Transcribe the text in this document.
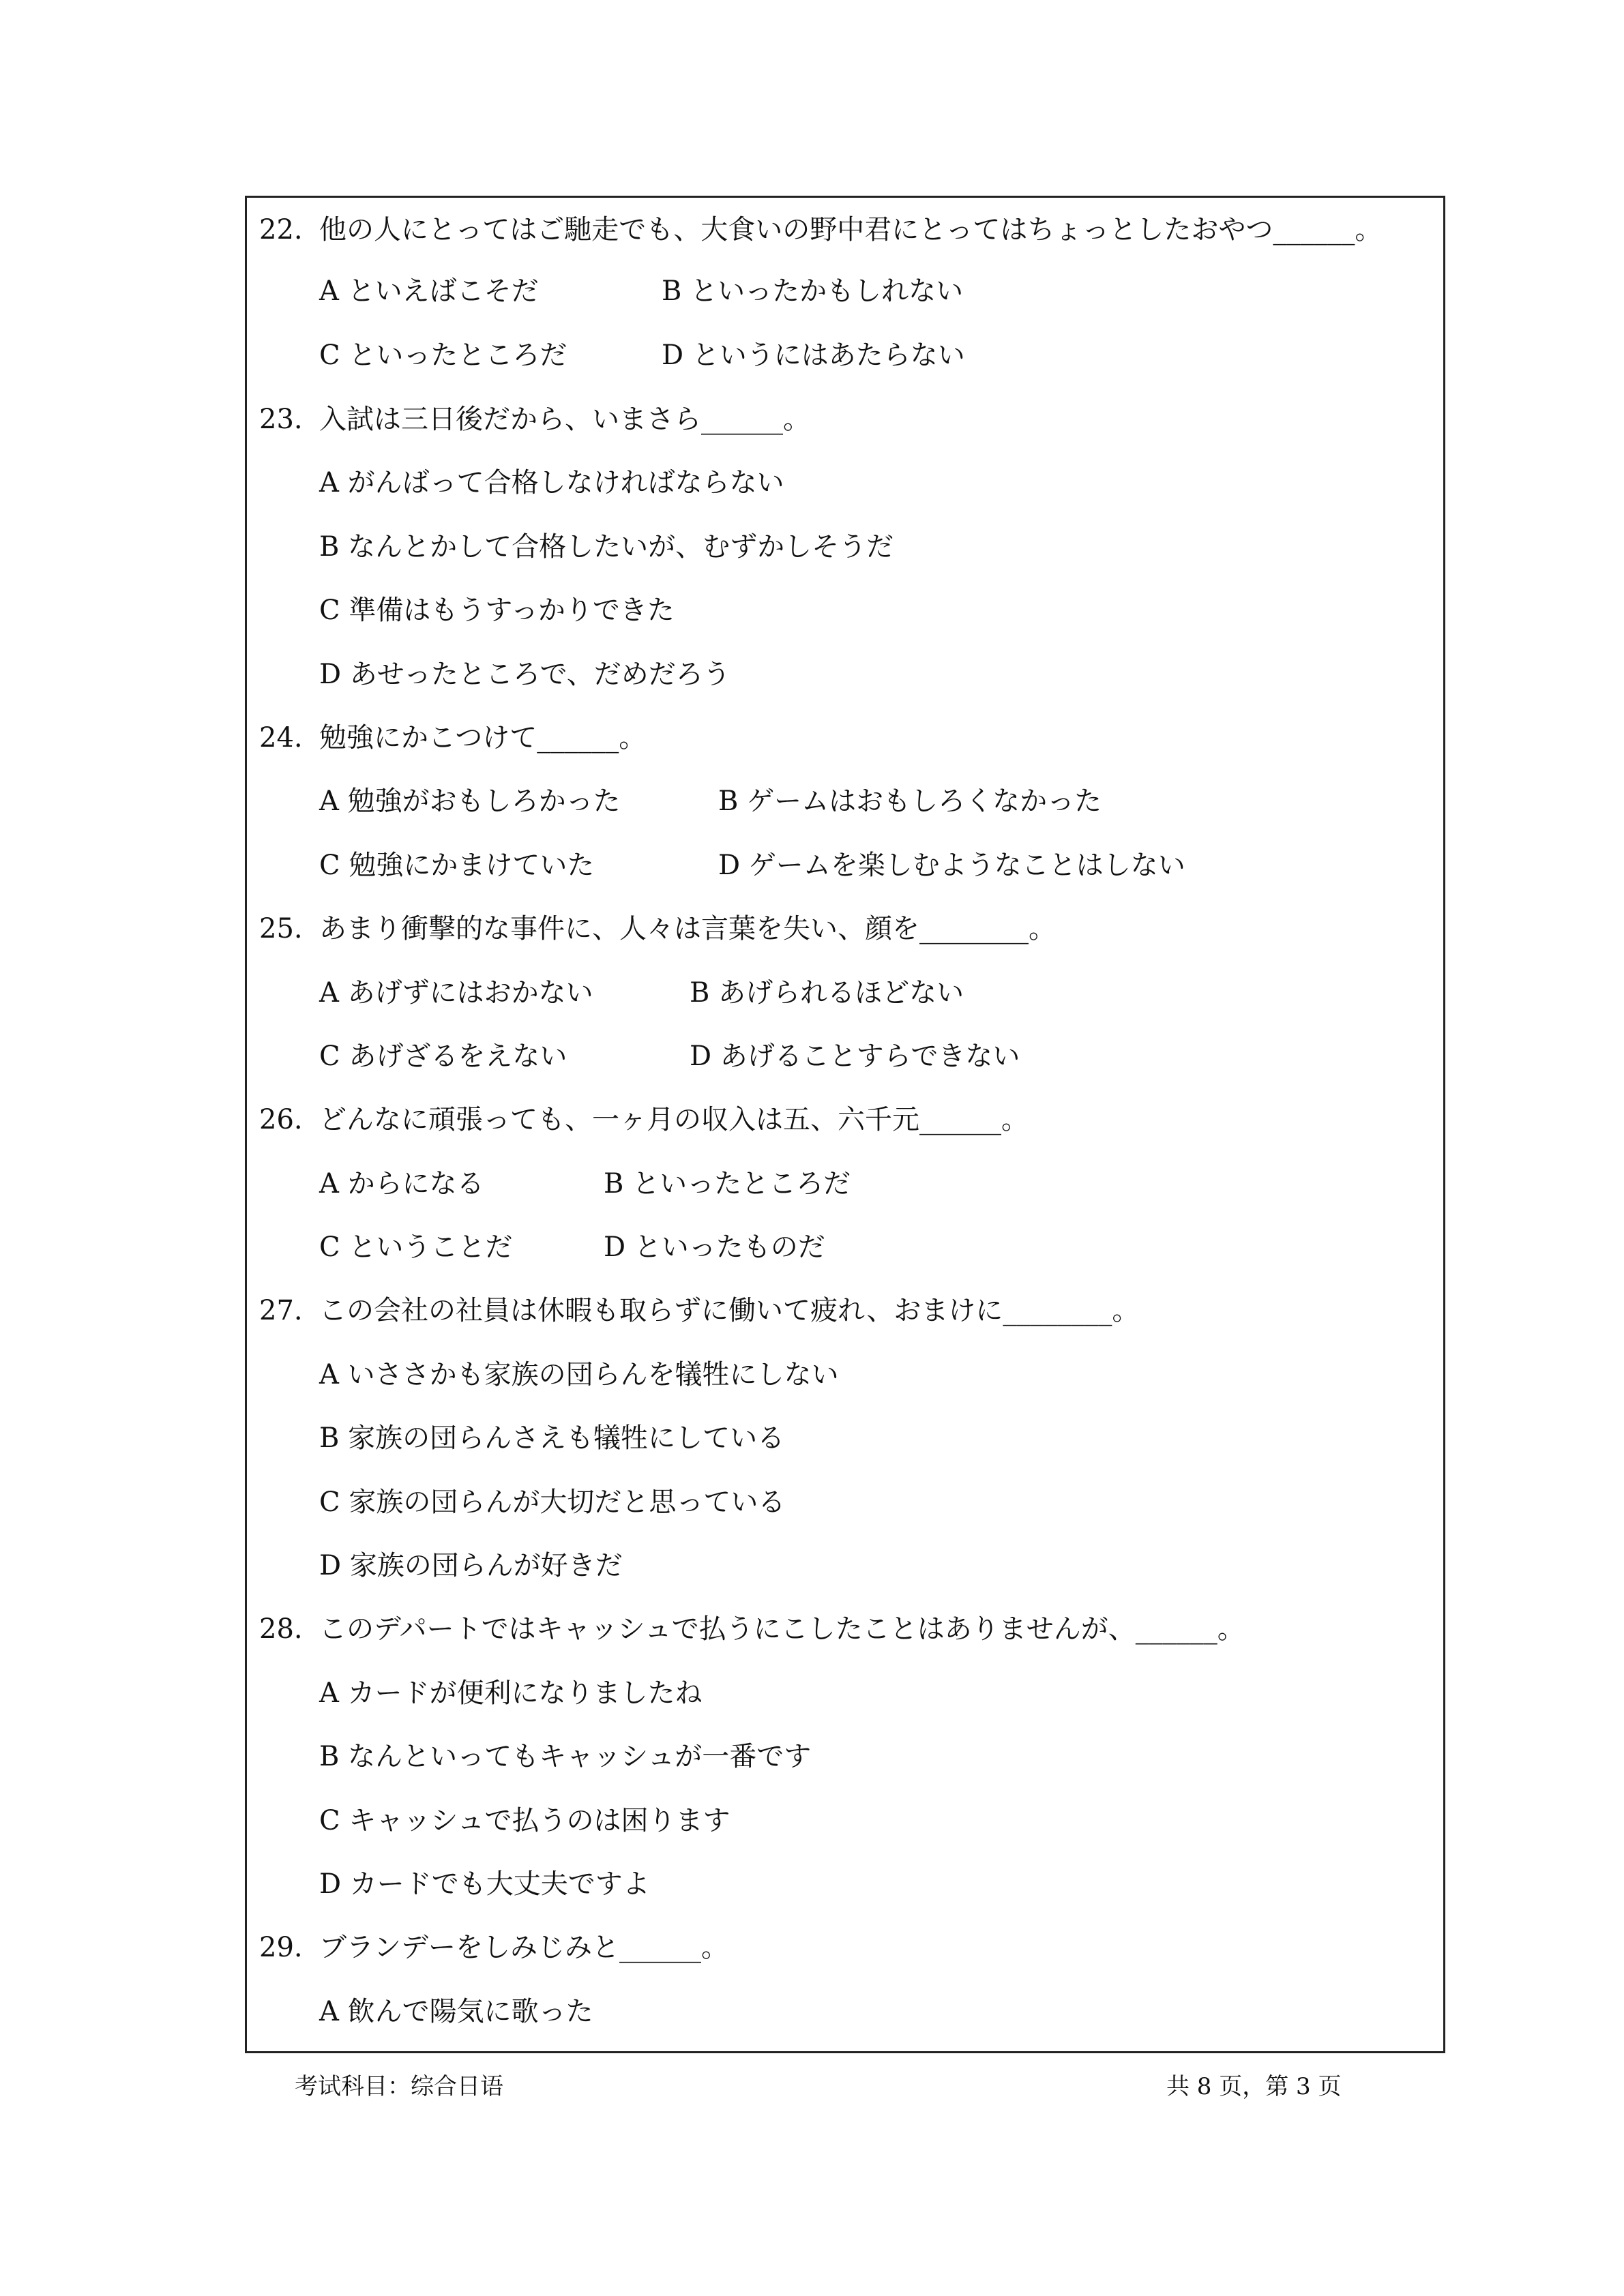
22. 他の人にとってはご馳走でも、大食いの野中君にとってはちょっとしたおやつ______。
A といえばこそだ	B といったかもしれない
C といったところだ	D というにはあたらない
23. 入試は三日後だから、いまさら______。
A がんばって合格しなければならない
B なんとかして合格したいが、むずかしそうだ
C 準備はもうすっかりできた
D あせったところで、だめだろう
24. 勉強にかこつけて______。
A 勉強がおもしろかった	B ゲームはおもしろくなかった
C 勉強にかまけていた	D ゲームを楽しむようなことはしない
25. あまり衝撃的な事件に、人々は言葉を失い、顔を________。
A あげずにはおかない	B あげられるほどない
C あげざるをえない	D あげることすらできない
26. どんなに頑張っても、一ヶ月の収入は五、六千元______。
A からになる	B といったところだ
C ということだ	D といったものだ
27. この会社の社員は休暇も取らずに働いて疲れ、おまけに________。
A いささかも家族の団らんを犠牲にしない
B 家族の団らんさえも犠牲にしている
C 家族の団らんが大切だと思っている
D 家族の団らんが好きだ
28. このデパートではキャッシュで払うにこしたことはありませんが、______。
A カードが便利になりましたね
B なんといってもキャッシュが一番です
C キャッシュで払うのは困ります
D カードでも大丈夫ですよ
29. ブランデーをしみじみと______。
A 飲んで陽気に歌った
考试科目：综合日语	共 8 页，第 3 页
